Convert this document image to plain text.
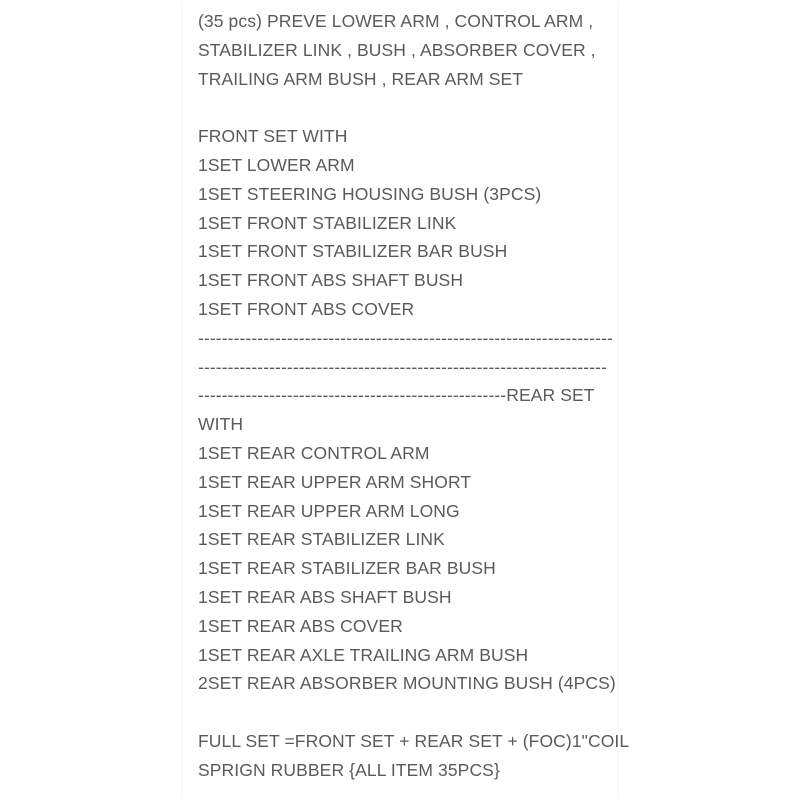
(35 pcs) PREVE LOWER ARM , CONTROL ARM ,
STABILIZER LINK , BUSH , ABSORBER COVER ,
TRAILING ARM BUSH , REAR ARM SET
FRONT SET WITH
1SET LOWER ARM
1SET STEERING HOUSING BUSH (3PCS)
1SET FRONT STABILIZER LINK
1SET FRONT STABILIZER BAR BUSH
1SET FRONT ABS SHAFT BUSH
1SET FRONT ABS COVER
----------------------------------------------------------------------
---------------------------------------------------------------------
----------------------------------------------------REAR SET
WITH
1SET REAR CONTROL ARM
1SET REAR UPPER ARM SHORT
1SET REAR UPPER ARM LONG
1SET REAR STABILIZER LINK
1SET REAR STABILIZER BAR BUSH
1SET REAR ABS SHAFT BUSH
1SET REAR ABS COVER
1SET REAR AXLE TRAILING ARM BUSH
2SET REAR ABSORBER MOUNTING BUSH (4PCS)
FULL SET =FRONT SET + REAR SET + (FOC)1"COIL
SPRIGN RUBBER {ALL ITEM 35PCS}
